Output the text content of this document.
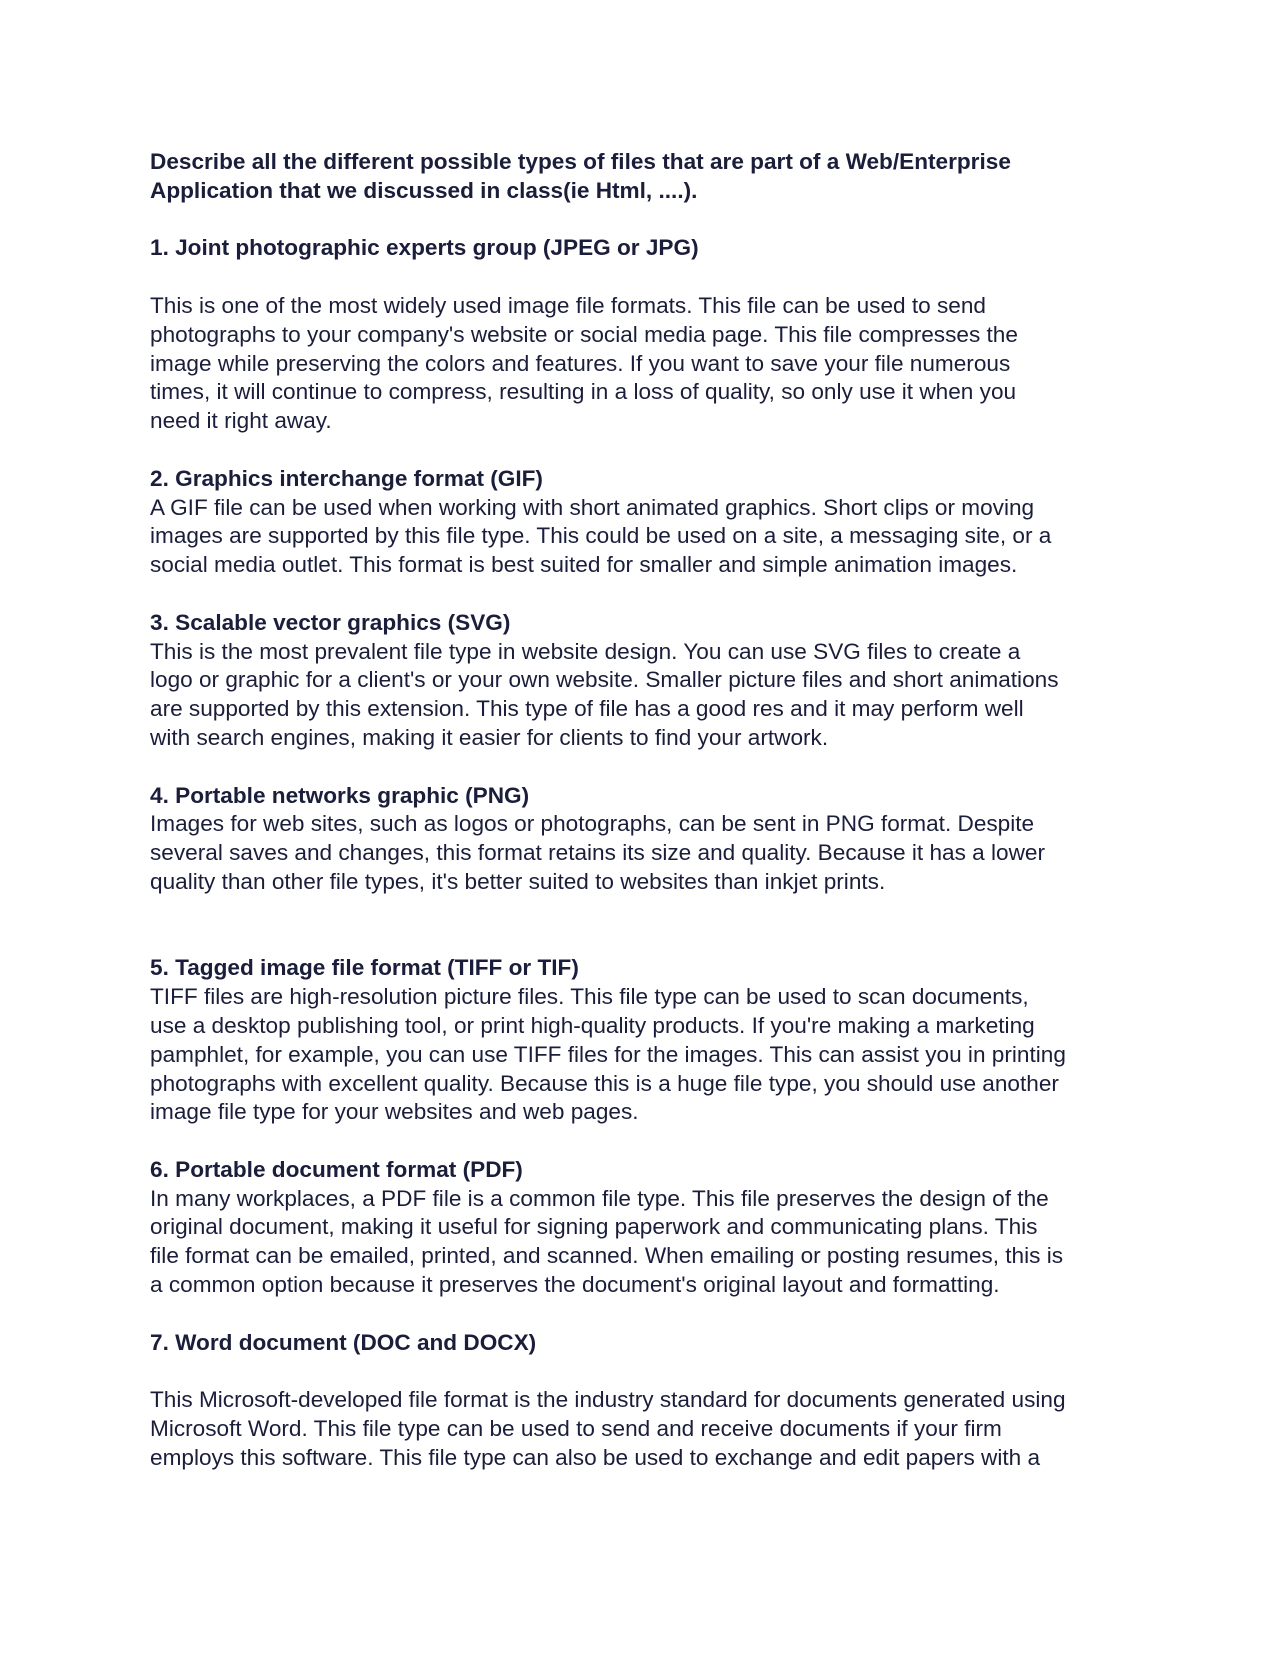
Describe all the different possible types of files that are part of a Web/Enterprise

Application that we discussed in class(ie Html, ....).

1. Joint photographic experts group (JPEG or JPG)

This is one of the most widely used image file formats. This file can be used to send

photographs to your company's website or social media page. This file compresses the

image while preserving the colors and features. If you want to save your file numerous

times, it will continue to compress, resulting in a loss of quality, so only use it when you

need it right away.

2. Graphics interchange format (GIF)

A GIF file can be used when working with short animated graphics. Short clips or moving

images are supported by this file type. This could be used on a site, a messaging site, or a

social media outlet. This format is best suited for smaller and simple animation images.

3. Scalable vector graphics (SVG)

This is the most prevalent file type in website design. You can use SVG files to create a

logo or graphic for a client's or your own website. Smaller picture files and short animations

are supported by this extension. This type of file has a good res and it may perform well

with search engines, making it easier for clients to find your artwork.

4. Portable networks graphic (PNG)

Images for web sites, such as logos or photographs, can be sent in PNG format. Despite

several saves and changes, this format retains its size and quality. Because it has a lower

quality than other file types, it's better suited to websites than inkjet prints.

5. Tagged image file format (TIFF or TIF)

TIFF files are high-resolution picture files. This file type can be used to scan documents,

use a desktop publishing tool, or print high-quality products. If you're making a marketing

pamphlet, for example, you can use TIFF files for the images. This can assist you in printing

photographs with excellent quality. Because this is a huge file type, you should use another

image file type for your websites and web pages.

6. Portable document format (PDF)

In many workplaces, a PDF file is a common file type. This file preserves the design of the

original document, making it useful for signing paperwork and communicating plans. This

file format can be emailed, printed, and scanned. When emailing or posting resumes, this is

a common option because it preserves the document's original layout and formatting.

7. Word document (DOC and DOCX)

This Microsoft-developed file format is the industry standard for documents generated using

Microsoft Word. This file type can be used to send and receive documents if your firm

employs this software. This file type can also be used to exchange and edit papers with a
